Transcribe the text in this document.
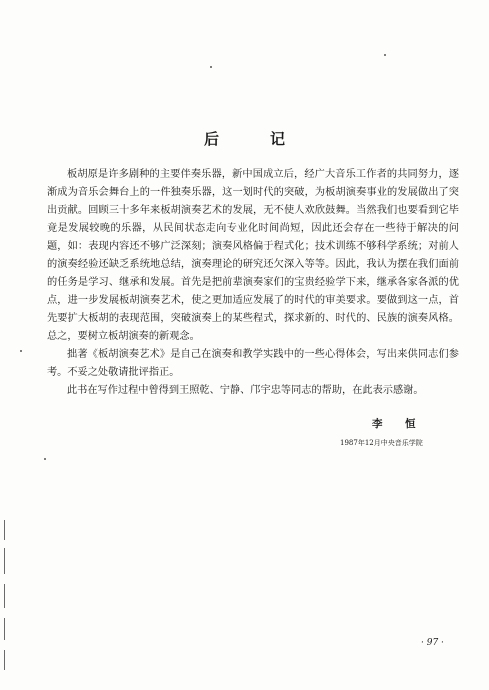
后　记

板胡原是许多剧种的主要伴奏乐器，新中国成立后，经广大音乐工作者的共同努力，逐渐成为音乐会舞台上的一件独奏乐器，这一划时代的突破，为板胡演奏事业的发展做出了突出贡献。回顾三十多年来板胡演奏艺术的发展，无不使人欢欣鼓舞。当然我们也要看到它毕竟是发展较晚的乐器，从民间状态走向专业化时间尚短，因此还会存在一些待于解决的问题，如：表现内容还不够广泛深刻；演奏风格偏于程式化；技术训练不够科学系统；对前人的演奏经验还缺乏系统地总结，演奏理论的研究还欠深入等等。因此，我认为摆在我们面前的任务是学习、继承和发展。首先是把前辈演奏家们的宝贵经验学下来，继承各家各派的优点，进一步发展板胡演奏艺术，使之更加适应发展了的时代的审美要求。要做到这一点，首先要扩大板胡的表现范围，突破演奏上的某些程式，探求新的、时代的、民族的演奏风格。总之，要树立板胡演奏的新观念。

拙著《板胡演奏艺术》是自己在演奏和教学实践中的一些心得体会，写出来供同志们参考。不妥之处敬请批评指正。

此书在写作过程中曾得到王照乾、宁静、邝宇忠等同志的帮助，在此表示感谢。

李　恒
1987年12月中央音乐学院
· 97 ·
